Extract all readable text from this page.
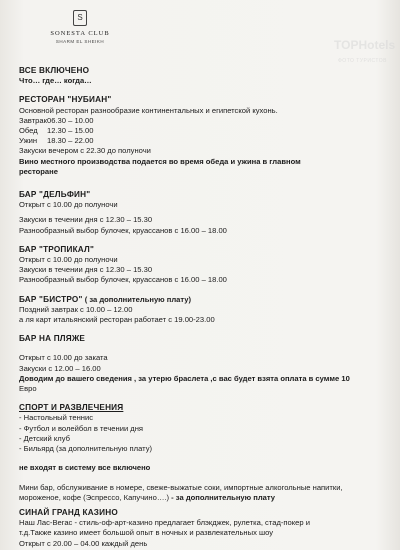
S
SONESTA CLUB
SHARM EL SHEIKH	TOPHotels
ФОТО ТУРИСТОВ
ВСЕ ВКЛЮЧЕНО
Что… где… когда…
РЕСТОРАН "НУБИАН"
Основной ресторан разнообразие континентальных и египетской кухонь.
Завтрак06.30 – 10.00
Обед 12.30 – 15.00
Ужин 18.30 – 22.00
Закуски вечером с 22.30 до полуночи
Вино местного производства подается во время обеда и ужина в главном
ресторане
БАР "ДЕЛЬФИН"
Открыт с 10.00 до полуночи
Закуски в течении дня с 12.30 – 15.30
Разнообразный выбор булочек, круассанов с 16.00 – 18.00
БАР "ТРОПИКАЛ"
Открыт с 10.00 до полуночи
Закуски в течении дня с 12.30 – 15.30
Разнообразный выбор булочек, круассанов с 16.00 – 18.00
БАР "БИСТРО" ( за дополнительную плату)
Поздний завтрак с 10.00 – 12.00
а ля карт итальянский ресторан работает с 19.00-23.00
БАР НА ПЛЯЖЕ
Открыт с 10.00 до заката
Закуски с 12.00 – 16.00
Доводим до вашего сведения , за утерю браслета ,с вас будет взята оплата в сумме 10
Евро
СПОРТ И РАЗВЛЕЧЕНИЯ
- Настольный теннис
- Футбол и волейбол в течении дня
- Детский клуб
- Бильярд (за дополнительную плату)
не входят в систему все включено
Мини бар, обслуживание в номере, свеже-выжатые соки, импортные алкогольные напитки,
мороженое, кофе (Эспрессо, Капучино….) - за дополнительную плату
СИНАЙ ГРАНД КАЗИНО
Наш Лас-Вегас - стиль-оф-арт-казино предлагает блэкджек, рулетка, стад-покер и
т.д.Также казино имеет большой опыт в ночных и развлекательных шоу
Открыт с 20.00 – 04.00 каждый день
